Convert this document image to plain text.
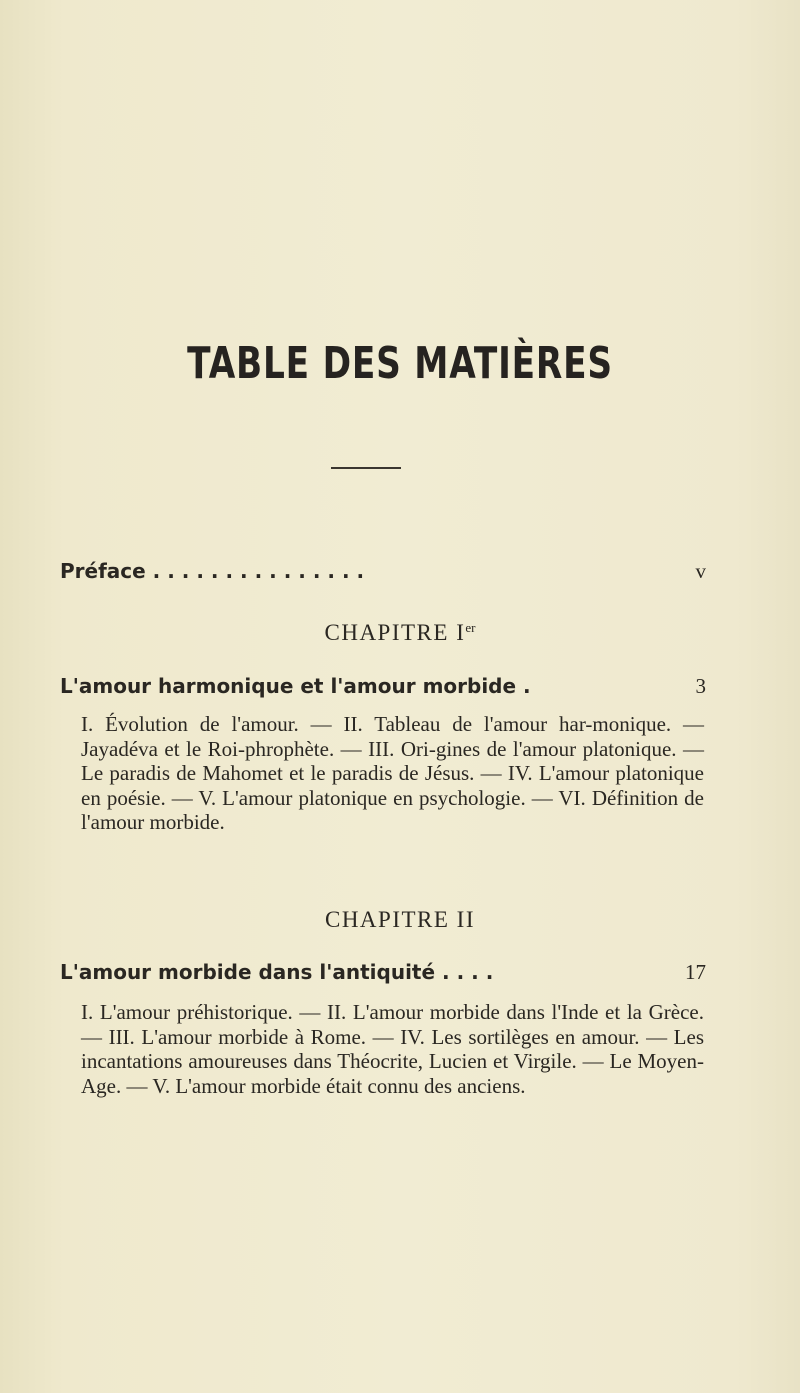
TABLE DES MATIÈRES
Préface . . . . . . . . . . . . . . .	v
CHAPITRE Ier
L'amour harmonique et l'amour morbide .	3
I. Évolution de l'amour. — II. Tableau de l'amour har-monique. — Jayadéva et le Roi-phrophète. — III. Ori-gines de l'amour platonique. — Le paradis de Mahomet et le paradis de Jésus. — IV. L'amour platonique en poésie. — V. L'amour platonique en psychologie. — VI. Définition de l'amour morbide.
CHAPITRE II
L'amour morbide dans l'antiquité . . . .	17
I. L'amour préhistorique. — II. L'amour morbide dans l'Inde et la Grèce. — III. L'amour morbide à Rome. — IV. Les sortilèges en amour. — Les incantations amoureuses dans Théocrite, Lucien et Virgile. — Le Moyen-Age. — V. L'amour morbide était connu des anciens.
